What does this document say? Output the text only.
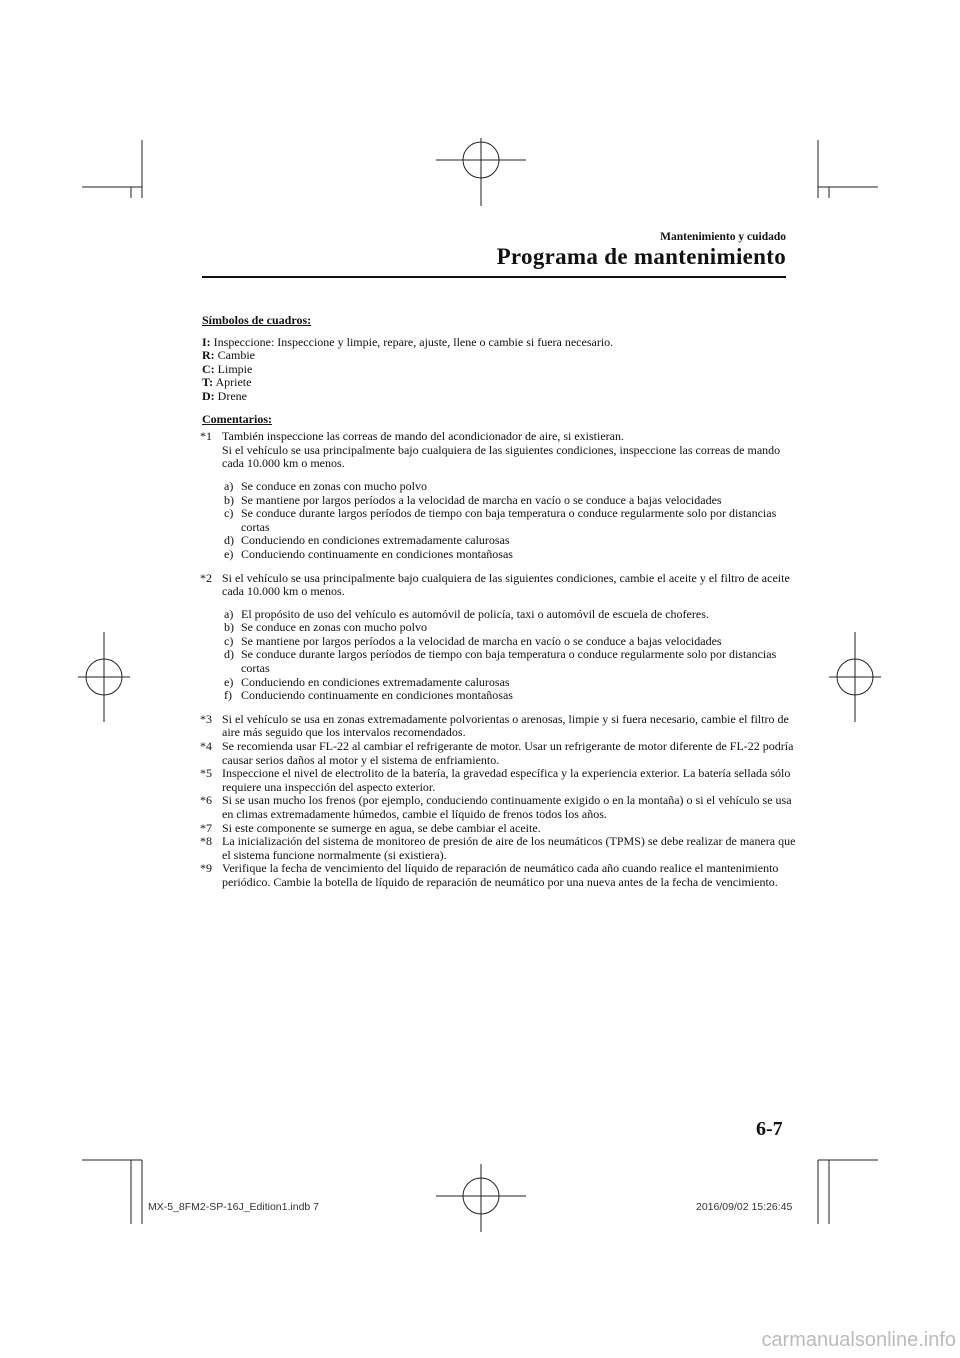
Mantenimiento y cuidado
Programa de mantenimiento
Símbolos de cuadros:

I: Inspeccione: Inspeccione y limpie, repare, ajuste, llene o cambie si fuera necesario.

R: Cambie

C: Limpie

T: Apriete

D: Drene

Comentarios:
*1 También inspeccione las correas de mando del acondicionador de aire, si existieran.

Si el vehículo se usa principalmente bajo cualquiera de las siguientes condiciones, inspeccione las correas de mando cada 10.000 km o menos.

a) Se conduce en zonas con mucho polvo

b) Se mantiene por largos períodos a la velocidad de marcha en vacío o se conduce a bajas velocidades

c) Se conduce durante largos períodos de tiempo con baja temperatura o conduce regularmente solo por distancias cortas

d) Conduciendo en condiciones extremadamente calurosas

e) Conduciendo continuamente en condiciones montañosas

*2 Si el vehículo se usa principalmente bajo cualquiera de las siguientes condiciones, cambie el aceite y el filtro de aceite cada 10.000 km o menos.

a) El propósito de uso del vehículo es automóvil de policía, taxi o automóvil de escuela de choferes.

b) Se conduce en zonas con mucho polvo

c) Se mantiene por largos períodos a la velocidad de marcha en vacío o se conduce a bajas velocidades

d) Se conduce durante largos períodos de tiempo con baja temperatura o conduce regularmente solo por distancias cortas

e) Conduciendo en condiciones extremadamente calurosas

f) Conduciendo continuamente en condiciones montañosas

*3 Si el vehículo se usa en zonas extremadamente polvorientas o arenosas, limpie y si fuera necesario, cambie el filtro de aire más seguido que los intervalos recomendados.

*4 Se recomienda usar FL-22 al cambiar el refrigerante de motor. Usar un refrigerante de motor diferente de FL-22 podría causar serios daños al motor y el sistema de enfriamiento.

*5 Inspeccione el nivel de electrolito de la batería, la gravedad específica y la experiencia exterior. La batería sellada sólo requiere una inspección del aspecto exterior.

*6 Si se usan mucho los frenos (por ejemplo, conduciendo continuamente exigido o en la montaña) o si el vehículo se usa en climas extremadamente húmedos, cambie el líquido de frenos todos los años.

*7 Si este componente se sumerge en agua, se debe cambiar el aceite.

*8 La inicialización del sistema de monitoreo de presión de aire de los neumáticos (TPMS) se debe realizar de manera que el sistema funcione normalmente (si existiera).

*9 Verifique la fecha de vencimiento del líquido de reparación de neumático cada año cuando realice el mantenimiento periódico. Cambie la botella de líquido de reparación de neumático por una nueva antes de la fecha de vencimiento.

6-7
MX-5_8FM2-SP-16J_Edition1.indb 7	2016/09/02 15:26:45
carmanualsonline.info
